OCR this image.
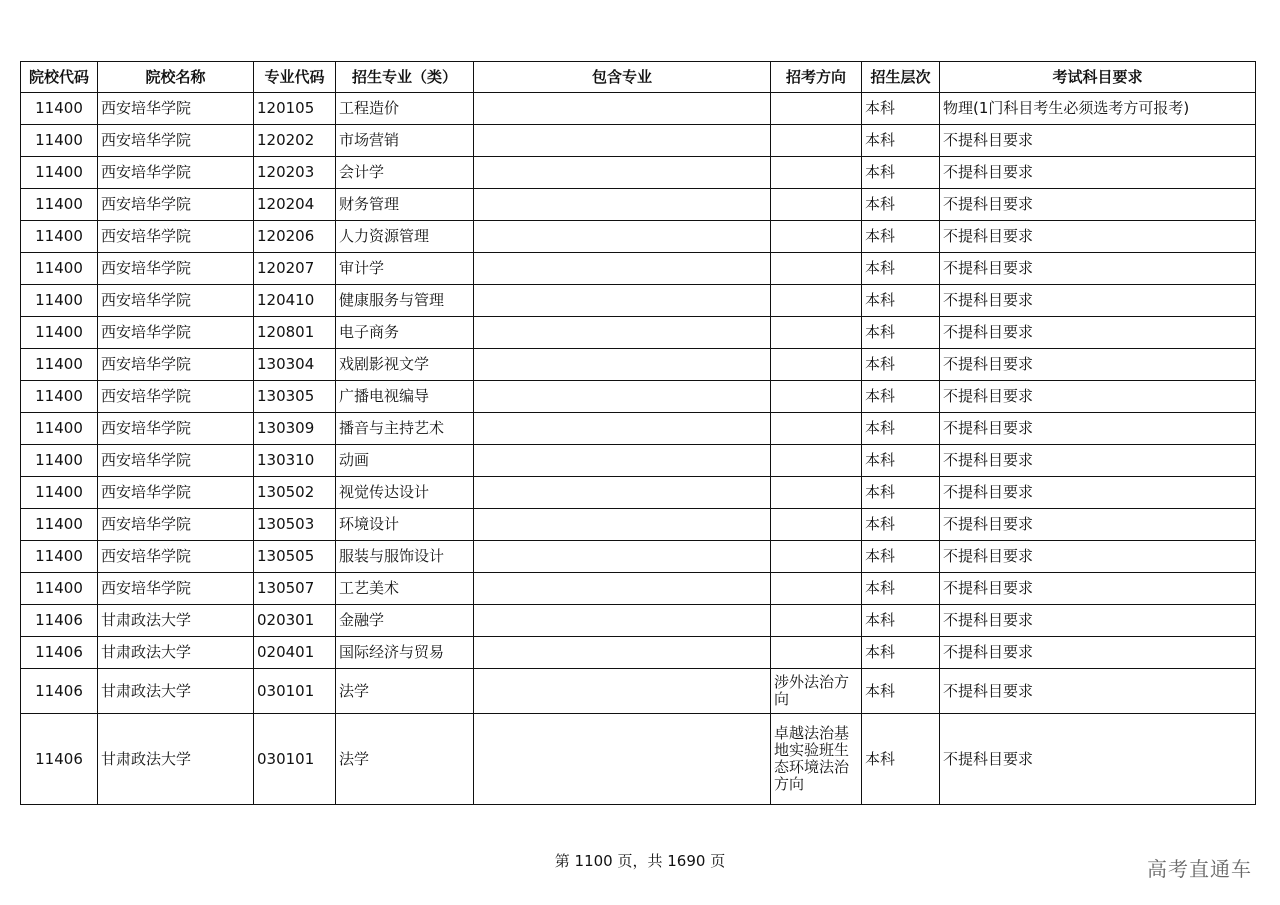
院校代码	院校名称	专业代码	招生专业（类）	包含专业	招考方向	招生层次	考试科目要求
11400	西安培华学院	120105	工程造价			本科	物理(1门科目考生必须选考方可报考)
11400	西安培华学院	120202	市场营销			本科	不提科目要求
11400	西安培华学院	120203	会计学			本科	不提科目要求
11400	西安培华学院	120204	财务管理			本科	不提科目要求
11400	西安培华学院	120206	人力资源管理			本科	不提科目要求
11400	西安培华学院	120207	审计学			本科	不提科目要求
11400	西安培华学院	120410	健康服务与管理			本科	不提科目要求
11400	西安培华学院	120801	电子商务			本科	不提科目要求
11400	西安培华学院	130304	戏剧影视文学			本科	不提科目要求
11400	西安培华学院	130305	广播电视编导			本科	不提科目要求
11400	西安培华学院	130309	播音与主持艺术			本科	不提科目要求
11400	西安培华学院	130310	动画			本科	不提科目要求
11400	西安培华学院	130502	视觉传达设计			本科	不提科目要求
11400	西安培华学院	130503	环境设计			本科	不提科目要求
11400	西安培华学院	130505	服装与服饰设计			本科	不提科目要求
11400	西安培华学院	130507	工艺美术			本科	不提科目要求
11406	甘肃政法大学	020301	金融学			本科	不提科目要求
11406	甘肃政法大学	020401	国际经济与贸易			本科	不提科目要求
11406	甘肃政法大学	030101	法学		涉外法治方向	本科	不提科目要求
11406	甘肃政法大学	030101	法学		卓越法治基地实验班生态环境法治方向	本科	不提科目要求
第 1100 页，共 1690 页	高考直通车
